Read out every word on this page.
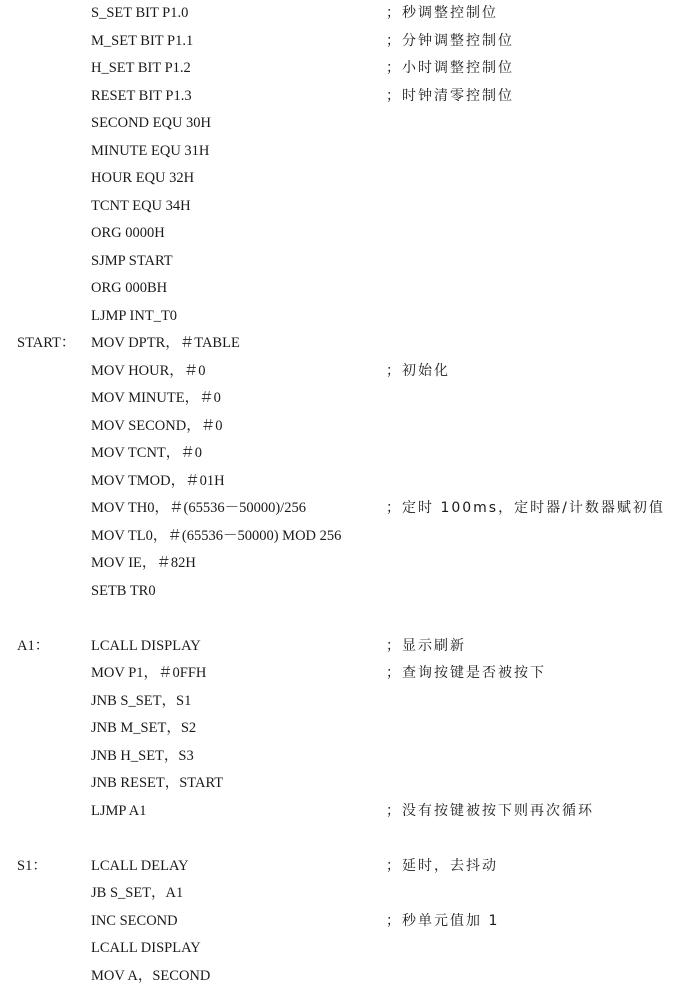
S_SET BIT P1.0	；秒调整控制位
M_SET BIT P1.1	；分钟调整控制位
H_SET BIT P1.2	；小时调整控制位
RESET BIT P1.3	；时钟清零控制位
SECOND EQU 30H
MINUTE EQU 31H
HOUR EQU 32H
TCNT EQU 34H
ORG 0000H
SJMP START
ORG 000BH
LJMP INT_T0
START： MOV DPTR，＃TABLE
MOV HOUR，＃0	；初始化
MOV MINUTE，＃0
MOV SECOND，＃0
MOV TCNT，＃0
MOV TMOD，＃01H
MOV TH0，＃(65536－50000)/256	；定时 100ms，定时器/计数器赋初值
MOV TL0，＃(65536－50000) MOD 256
MOV IE，＃82H
SETB TR0
A1：	LCALL DISPLAY	；显示刷新
MOV P1，＃0FFH	；查询按键是否被按下
JNB S_SET，S1
JNB M_SET，S2
JNB H_SET，S3
JNB RESET，START
LJMP A1	；没有按键被按下则再次循环
S1：	LCALL DELAY	；延时，去抖动
JB S_SET，A1
INC SECOND	；秒单元值加 1
LCALL DISPLAY
MOV A，SECOND
